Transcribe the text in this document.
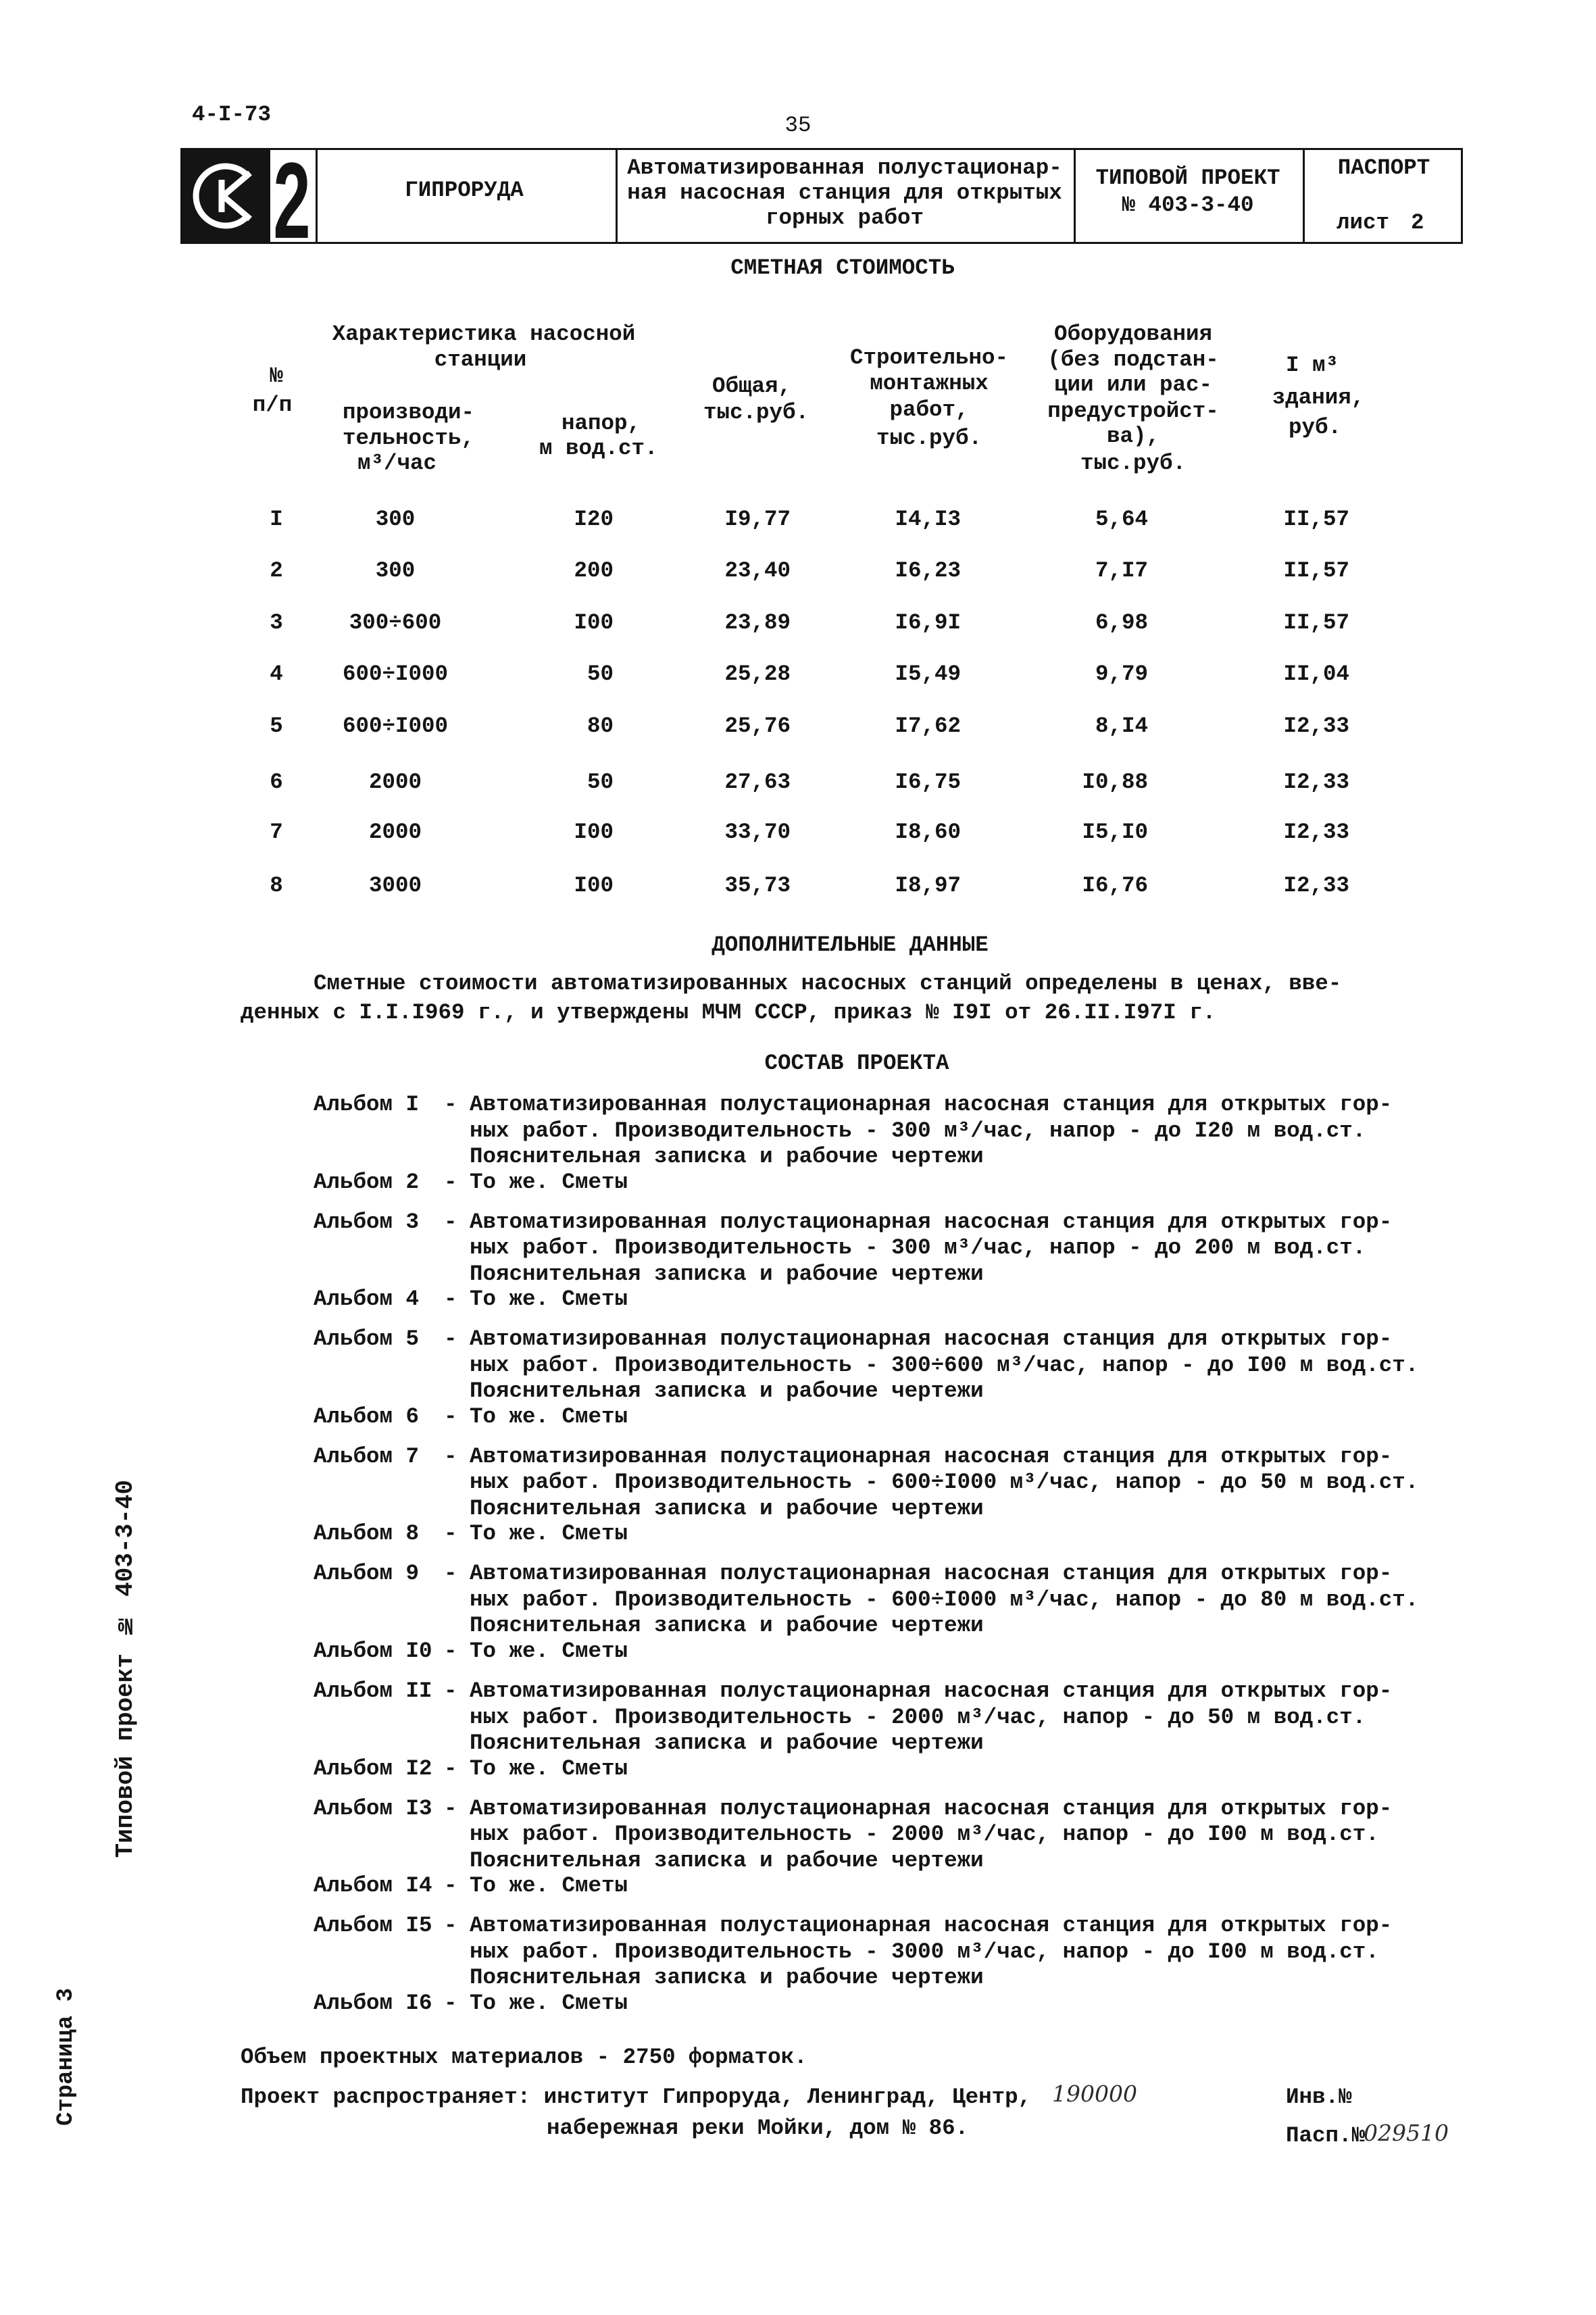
4-I-73	35
2	ГИПРОРУДА
Автоматизированная полустационар-
ная насосная станция для открытых
горных работ
ТИПОВОЙ ПРОЕКТ
№ 403-3-40
ПАСПОРТ
лист 2
СМЕТНАЯ СТОИМОСТЬ
№
п/п
Характеристика насосной
станции
производи-
тельность,
м³/час
напор,
м вод.ст.
Общая,
тыс.руб.
Строительно-
монтажных
работ,
тыс.руб.
Оборудования
(без подстан-
ции или рас-
предустройст-
ва),
тыс.руб.
I м³
здания,
руб.
I	300	I20	I9,77	I4,I3	5,64	II,57
2	300	200	23,40	I6,23	7,I7	II,57
3	300÷600	I00	23,89	I6,9I	6,98	II,57
4	600÷I000	50	25,28	I5,49	9,79	II,04
5	600÷I000	80	25,76	I7,62	8,I4	I2,33
6	2000	50	27,63	I6,75	I0,88	I2,33
7	2000	I00	33,70	I8,60	I5,I0	I2,33
8	3000	I00	35,73	I8,97	I6,76	I2,33
ДОПОЛНИТЕЛЬНЫЕ ДАННЫЕ
Сметные стоимости автоматизированных насосных станций определены в ценах, вве-
денных с I.I.I969 г., и утверждены МЧМ СССР, приказ № I9I от 26.II.I97I г.
СОСТАВ ПРОЕКТА
Альбом I - Автоматизированная полустационарная насосная станция для открытых гор-
ных работ. Производительность - 300 м³/час, напор - до I20 м вод.ст.
Пояснительная записка и рабочие чертежи
Альбом 2 - То же. Сметы
Альбом 3 - Автоматизированная полустационарная насосная станция для открытых гор-
ных работ. Производительность - 300 м³/час, напор - до 200 м вод.ст.
Пояснительная записка и рабочие чертежи
Альбом 4 - То же. Сметы
Альбом 5 - Автоматизированная полустационарная насосная станция для открытых гор-
ных работ. Производительность - 300÷600 м³/час, напор - до I00 м вод.ст.
Пояснительная записка и рабочие чертежи
Альбом 6 - То же. Сметы
Альбом 7 - Автоматизированная полустационарная насосная станция для открытых гор-
ных работ. Производительность - 600÷I000 м³/час, напор - до 50 м вод.ст.
Пояснительная записка и рабочие чертежи
Альбом 8 - То же. Сметы
Альбом 9 - Автоматизированная полустационарная насосная станция для открытых гор-
ных работ. Производительность - 600÷I000 м³/час, напор - до 80 м вод.ст.
Пояснительная записка и рабочие чертежи
Альбом I0 - То же. Сметы
Альбом II - Автоматизированная полустационарная насосная станция для открытых гор-
ных работ. Производительность - 2000 м³/час, напор - до 50 м вод.ст.
Пояснительная записка и рабочие чертежи
Альбом I2 - То же. Сметы
Альбом I3 - Автоматизированная полустационарная насосная станция для открытых гор-
ных работ. Производительность - 2000 м³/час, напор - до I00 м вод.ст.
Пояснительная записка и рабочие чертежи
Альбом I4 - То же. Сметы
Альбом I5 - Автоматизированная полустационарная насосная станция для открытых гор-
ных работ. Производительность - 3000 м³/час, напор - до I00 м вод.ст.
Пояснительная записка и рабочие чертежи
Альбом I6 - То же. Сметы
Объем проектных материалов - 2750 форматок.
Проект распространяет: институт Гипроруда, Ленинград, Центр, 190000
набережная реки Мойки, дом № 86.
Инв.№
Пасп.№
029510
Типовой проект № 403-3-40
Страница 3
